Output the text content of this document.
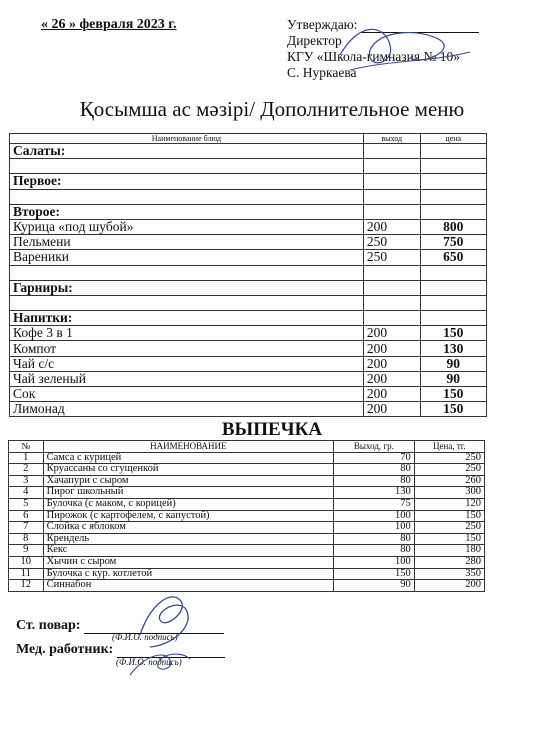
« 26 » февраля 2023 г.	Утверждаю:
Директор
КГУ «Школа-гимназия № 10»
С. Нуркаева
Қосымша ас мәзірі/ Дополнительное меню
Наименование блюд	выход	цена
Салаты:		

Первое:		

Второе:		
Курица «под шубой»	200	800
Пельмени	250	750
Вареники	250	650

Гарниры:		

Напитки:		
Кофе 3 в 1	200	150
Компот	200	130
Чай с/с	200	90
Чай зеленый	200	90
Сок	200	150
Лимонад	200	150
ВЫПЕЧКА
№	НАИМЕНОВАНИЕ	Выход, гр.	Цена, тг.
1	Самса с курицей	70	250
2	Круассаны со сгущенкой	80	250
3	Хачапури с сыром	80	260
4	Пирог школьный	130	300
5	Булочка (с маком, с корицей)	75	120
6	Пирожок (с картофелем, с капустой)	100	150
7	Слойка с яблоком	100	250
8	Крендель	80	150
9	Кекс	80	180
10	Хычин с сыром	100	280
11	Булочка с кур. котлетой	150	350
12	Синнабон	90	200
Ст. повар:
(Ф.И.О. подпись)
Мед. работник:
(Ф.И.О. подпись)
